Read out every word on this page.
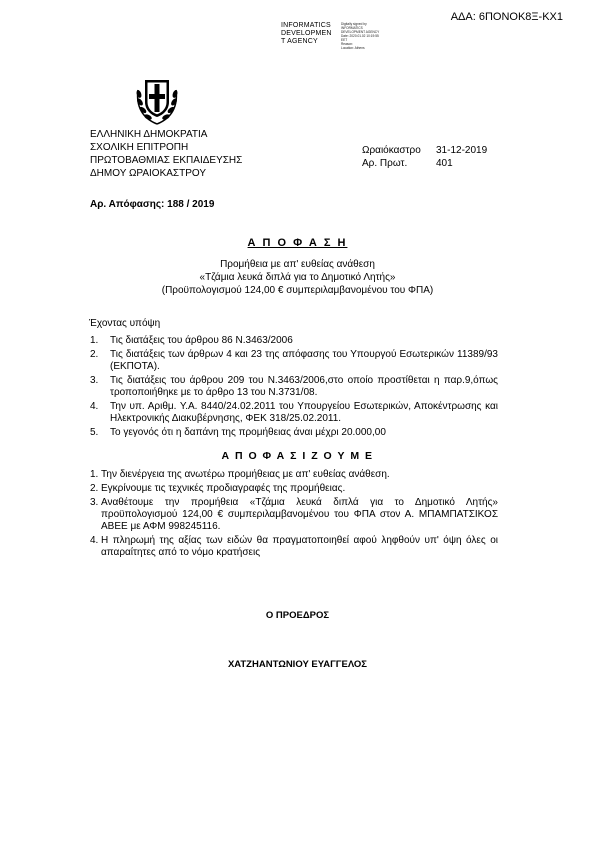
ΑΔΑ: 6ΠΟΝΟΚ8Ξ-ΚΧ1
INFORMATICS
DEVELOPMEN
T AGENCY
Digitally signed by
INFORMATICS
DEVELOPMENT AGENCY
Date: 2020.01.02 10:19:55
EET
Reason:
Location: Athens
ΕΛΛΗΝΙΚΗ ΔΗΜΟΚΡΑΤΙΑ
ΣΧΟΛΙΚΗ ΕΠΙΤΡΟΠΗ
ΠΡΩΤΟΒΑΘΜΙΑΣ ΕΚΠΑΙΔΕΥΣΗΣ
ΔΗΜΟΥ ΩΡΑΙΟΚΑΣΤΡΟΥ
Ωραιόκαστρο 31-12-2019
Αρ. Πρωτ.	401
Αρ. Απόφασης: 188 / 2019
Α Π Ο Φ Α Σ Η
Προμήθεια με απ' ευθείας ανάθεση
«Τζάμια λευκά διπλά για το Δημοτικό Λητής»
(Προϋπολογισμού 124,00 € συμπεριλαμβανομένου του ΦΠΑ)
Έχοντας υπόψη
1. Τις διατάξεις του άρθρου 86 Ν.3463/2006
2. Τις διατάξεις των άρθρων 4 και 23 της απόφασης του Υπουργού Εσωτερικών 11389/93 (ΕΚΠΟΤΑ).
3. Τις διατάξεις του άρθρου 209 του Ν.3463/2006,στο οποίο προστίθεται η παρ.9,όπως τροποποιήθηκε με το άρθρο 13 του Ν.3731/08.
4. Την υπ. Αριθμ. Υ.Α. 8440/24.02.2011 του Υπουργείου Εσωτερικών, Αποκέντρωσης και Ηλεκτρονικής Διακυβέρνησης, ΦΕΚ 318/25.02.2011.
5. Το γεγονός ότι η δαπάνη της προμήθειας άναι μέχρι 20.000,00
Α Π Ο Φ Α Σ Ι Ζ Ο Υ Μ Ε
1. Την διενέργεια της ανωτέρω προμήθειας με απ' ευθείας ανάθεση.
2. Εγκρίνουμε τις τεχνικές προδιαγραφές της προμήθειας.
3. Αναθέτουμε την προμήθεια «Τζάμια λευκά διπλά για το Δημοτικό Λητής» προϋπολογισμού 124,00 € συμπεριλαμβανομένου του ΦΠΑ στον Α. ΜΠΑΜΠΑΤΣΙΚΟΣ ΑΒΕΕ με ΑΦΜ 998245116.
4. Η πληρωμή της αξίας των ειδών θα πραγματοποιηθεί αφού ληφθούν υπ' όψη όλες οι απαραίτητες από το νόμο κρατήσεις
Ο ΠΡΟΕΔΡΟΣ
ΧΑΤΖΗΑΝΤΩΝΙΟΥ ΕΥΑΓΓΕΛΟΣ
